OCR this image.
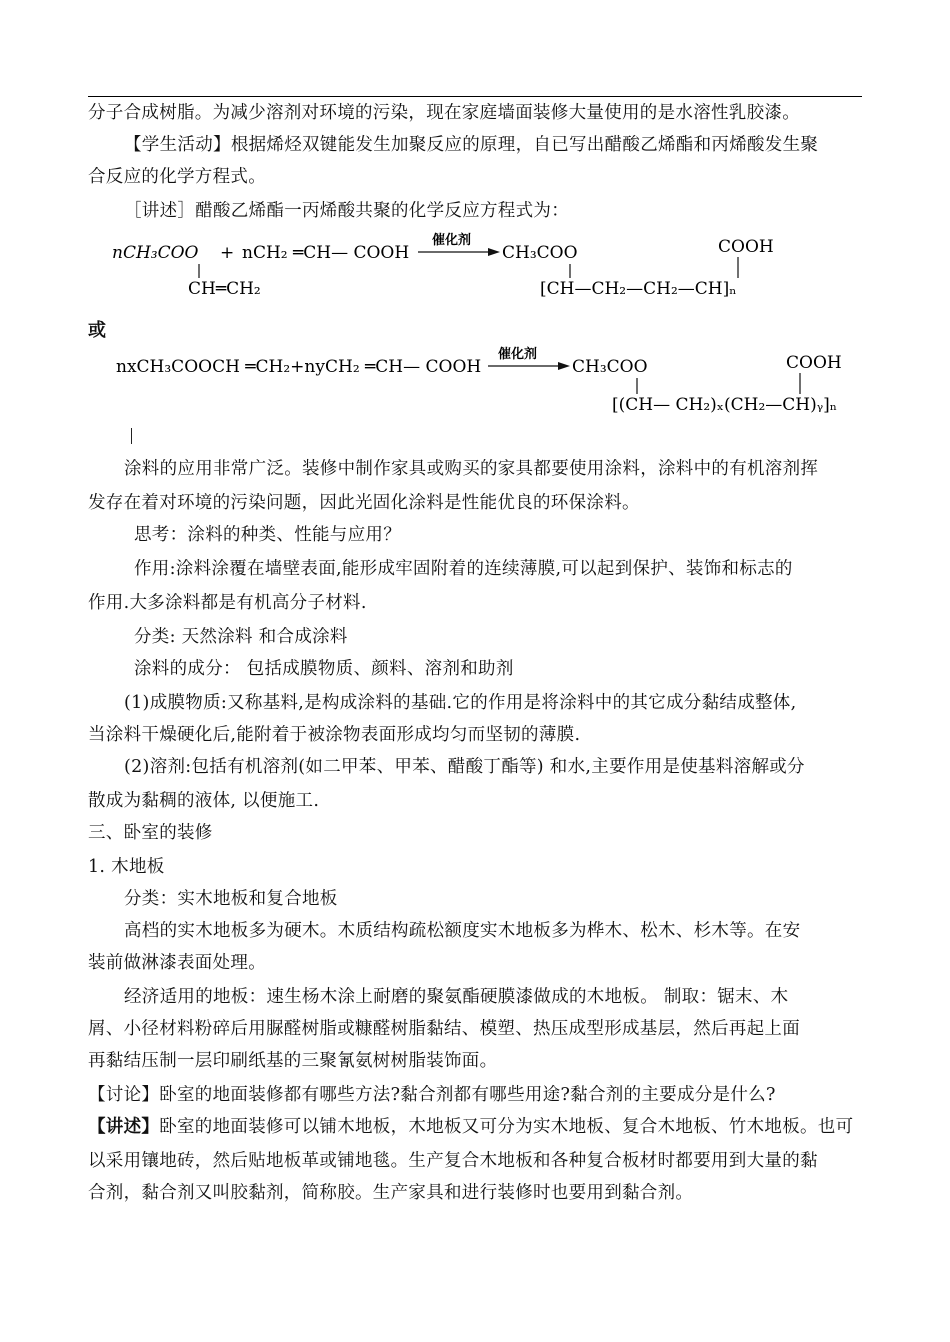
分子合成树脂。为减少溶剂对环境的污染，现在家庭墙面装修大量使用的是水溶性乳胶漆。
【学生活动】根据烯烃双键能发生加聚反应的原理，自已写出醋酸乙烯酯和丙烯酸发生聚
合反应的化学方程式。
［讲述］醋酸乙烯酯一丙烯酸共聚的化学反应方程式为：
nCH₃COO + nCH₂ ═CH— COOH
CH═CH₂
催化剂
CH₃COO	COOH
[CH—CH₂—CH₂—CH]ₙ
或
nxCH₃COOCH ═CH₂+nyCH₂ ═CH— COOH
催化剂
CH₃COO	COOH
[(CH— CH₂)ₓ(CH₂—CH)ᵧ]ₙ
涂料的应用非常广泛。装修中制作家具或购买的家具都要使用涂料，涂料中的有机溶剂挥
发存在着对环境的污染问题，因此光固化涂料是性能优良的环保涂料。
思考：涂料的种类、性能与应用？
作用:涂料涂覆在墙壁表面,能形成牢固附着的连续薄膜,可以起到保护、装饰和标志的
作用.大多涂料都是有机高分子材料.
分类: 天然涂料 和合成涂料
涂料的成分： 包括成膜物质、颜料、溶剂和助剂
(1)成膜物质:又称基料,是构成涂料的基础.它的作用是将涂料中的其它成分黏结成整体,
当涂料干燥硬化后,能附着于被涂物表面形成均匀而坚韧的薄膜.
(2)溶剂:包括有机溶剂(如二甲苯、甲苯、醋酸丁酯等) 和水,主要作用是使基料溶解或分
散成为黏稠的液体, 以便施工.
三、卧室的装修
1. 木地板
分类：实木地板和复合地板
高档的实木地板多为硬木。木质结构疏松额度实木地板多为桦木、松木、杉木等。在安
装前做淋漆表面处理。
经济适用的地板：速生杨木涂上耐磨的聚氨酯硬膜漆做成的木地板。 制取：锯末、木
屑、小径材料粉碎后用脲醛树脂或糠醛树脂黏结、模塑、热压成型形成基层，然后再起上面
再黏结压制一层印刷纸基的三聚氰氨树树脂装饰面。
【讨论】卧室的地面装修都有哪些方法?黏合剂都有哪些用途?黏合剂的主要成分是什么?
【讲述】卧室的地面装修可以铺木地板，木地板又可分为实木地板、复合木地板、竹木地板。也可
以采用镶地砖，然后贴地板革或铺地毯。生产复合木地板和各种复合板材时都要用到大量的黏
合剂，黏合剂又叫胶黏剂，简称胶。生产家具和进行装修时也要用到黏合剂。
